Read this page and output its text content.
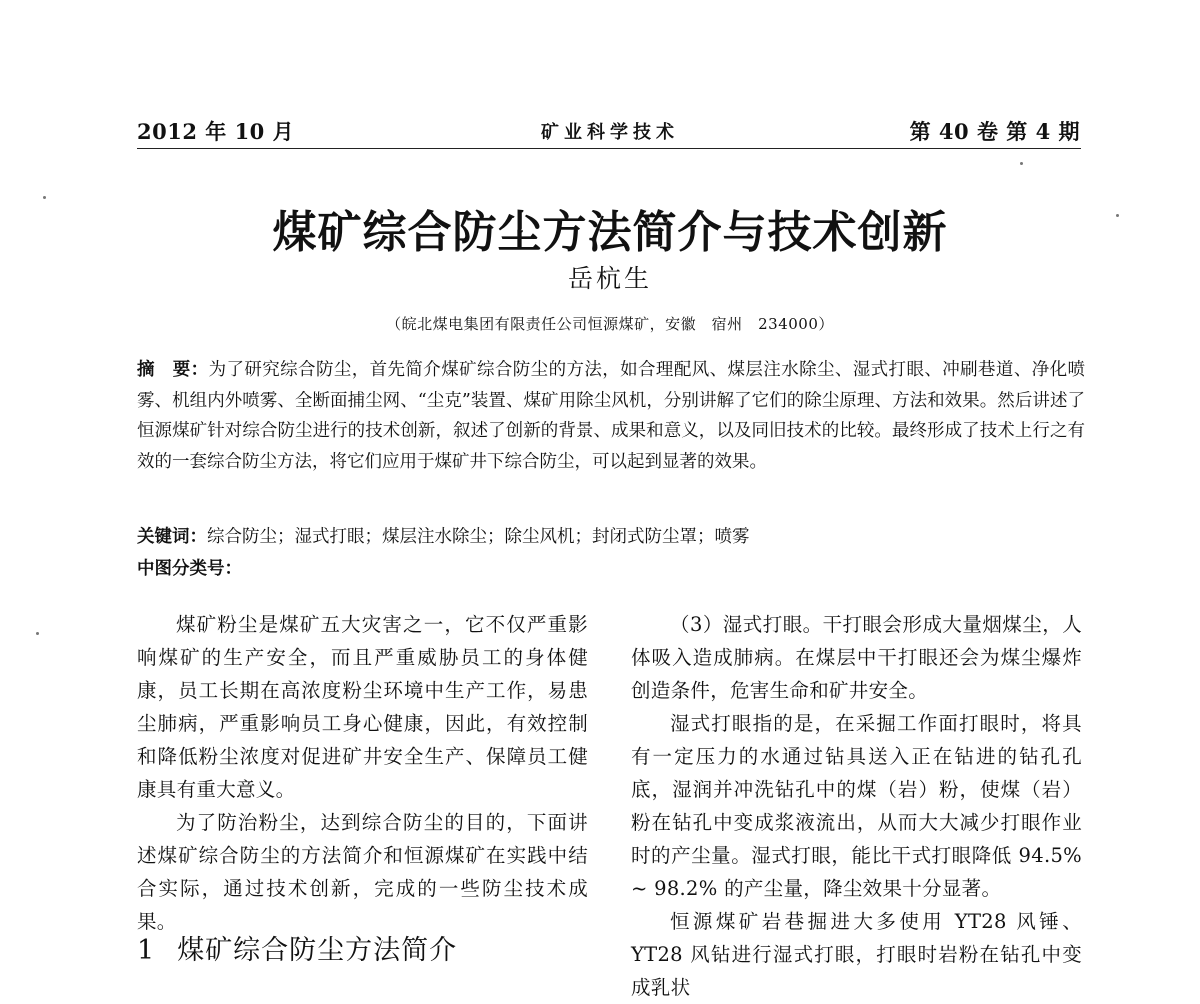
2012 年 10 月	矿业科学技术	第 40 卷 第 4 期
煤矿综合防尘方法简介与技术创新
岳杭生
（皖北煤电集团有限责任公司恒源煤矿，安徽　宿州　234000）
摘　要：为了研究综合防尘，首先简介煤矿综合防尘的方法，如合理配风、煤层注水除尘、湿式打眼、冲刷巷道、净化喷雾、机组内外喷雾、全断面捕尘网、“尘克”装置、煤矿用除尘风机，分别讲解了它们的除尘原理、方法和效果。然后讲述了恒源煤矿针对综合防尘进行的技术创新，叙述了创新的背景、成果和意义，以及同旧技术的比较。最终形成了技术上行之有效的一套综合防尘方法，将它们应用于煤矿井下综合防尘，可以起到显著的效果。
关键词：综合防尘；湿式打眼；煤层注水除尘；除尘风机；封闭式防尘罩；喷雾
中图分类号：

煤矿粉尘是煤矿五大灾害之一，它不仅严重影响煤矿的生产安全，而且严重威胁员工的身体健康，员工长期在高浓度粉尘环境中生产工作，易患尘肺病，严重影响员工身心健康，因此，有效控制和降低粉尘浓度对促进矿井安全生产、保障员工健康具有重大意义。

为了防治粉尘，达到综合防尘的目的，下面讲述煤矿综合防尘的方法简介和恒源煤矿在实践中结合实际，通过技术创新，完成的一些防尘技术成果。

1 煤矿综合防尘方法简介

（3）湿式打眼。干打眼会形成大量烟煤尘，人体吸入造成肺病。在煤层中干打眼还会为煤尘爆炸创造条件，危害生命和矿井安全。

湿式打眼指的是，在采掘工作面打眼时，将具有一定压力的水通过钻具送入正在钻进的钻孔孔底，湿润并冲洗钻孔中的煤（岩）粉，使煤（岩）粉在钻孔中变成浆液流出，从而大大减少打眼作业时的产尘量。湿式打眼，能比干式打眼降低 94.5% ~ 98.2% 的产尘量，降尘效果十分显著。

恒源煤矿岩巷掘进大多使用 YT28 风锤、YT28 风钻进行湿式打眼，打眼时岩粉在钻孔中变成乳状
